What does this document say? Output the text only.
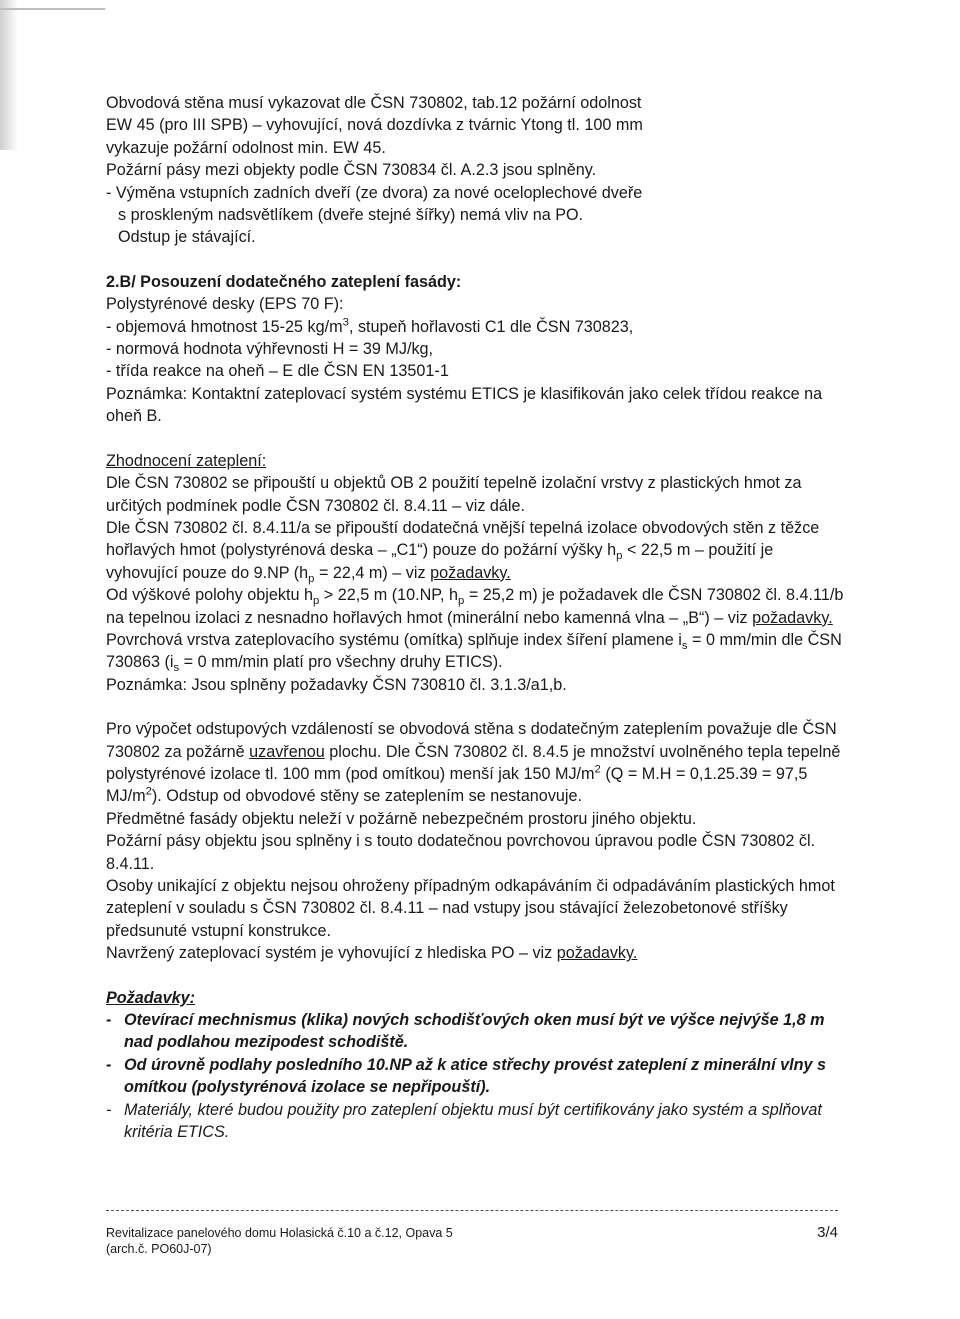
Obvodová stěna musí vykazovat dle ČSN 730802, tab.12 požární odolnost

EW 45 (pro III SPB) – vyhovující, nová dozdívka z tvárnic Ytong tl. 100 mm

vykazuje požární odolnost min. EW 45.

Požární pásy mezi objekty podle ČSN 730834 čl. A.2.3 jsou splněny.

- Výměna vstupních zadních dveří (ze dvora) za nové oceloplechové dveře

s proskleným nadsvětlíkem (dveře stejné šířky) nemá vliv na PO.

Odstup je stávající.

2.B/ Posouzení dodatečného zateplení fasády:

Polystyrénové desky (EPS 70 F):

- objemová hmotnost 15-25 $kg/m^3$, stupeň hořlavosti C1 dle ČSN 730823,

- normová hodnota výhřevnosti H = 39 MJ/kg,

- třída reakce na oheň – E dle ČSN EN 13501-1

Poznámka: Kontaktní zateplovací systém systému ETICS je klasifikován jako celek třídou reakce na oheň B.

Zhodnocení zateplení:

Dle ČSN 730802 se připouští u objektů OB 2 použití tepelně izolační vrstvy z plastických hmot za určitých podmínek podle ČSN 730802 čl. 8.4.11 – viz dále.

Dle ČSN 730802 čl. 8.4.11/a se připouští dodatečná vnější tepelná izolace obvodových stěn z těžce hořlavých hmot (polystyrénová deska – „C1“) pouze do požární výšky $h_p < 22,5$ m – použití je vyhovující pouze do 9.NP ($h_p = 22,4$ m) – viz požadavky.

Od výškové polohy objektu $h_p > 22,5$ m (10.NP, $h_p = 25,2$ m) je požadavek dle ČSN 730802 čl. 8.4.11/b na tepelnou izolaci z nesnadno hořlavých hmot (minerální nebo kamenná vlna – „B“) – viz požadavky.

Povrchová vrstva zateplovacího systému (omítka) splňuje index šíření plamene $i_s = 0$ mm/min dle ČSN 730863 ($i_s = 0$ mm/min platí pro všechny druhy ETICS).

Poznámka: Jsou splněny požadavky ČSN 730810 čl. 3.1.3/a1,b.

Pro výpočet odstupových vzdáleností se obvodová stěna s dodatečným zateplením považuje dle ČSN 730802 za požárně uzavřenou plochu. Dle ČSN 730802 čl. 8.4.5 je množství uvolněného tepla tepelně polystyrénové izolace tl. 100 mm (pod omítkou) menší jak 150 $MJ/m^2$ (Q = M.H = 0,1.25.39 = 97,5 $MJ/m^2$). Odstup od obvodové stěny se zateplením se nestanovuje.

Předmětné fasády objektu neleží v požárně nebezpečném prostoru jiného objektu.

Požární pásy objektu jsou splněny i s touto dodatečnou povrchovou úpravou podle ČSN 730802 čl. 8.4.11.

Osoby unikající z objektu nejsou ohroženy případným odkapáváním či odpadáváním plastických hmot zateplení v souladu s ČSN 730802 čl. 8.4.11 – nad vstupy jsou stávající železobetonové stříšky předsunuté vstupní konstrukce.

Navržený zateplovací systém je vyhovující z hlediska PO – viz požadavky.

Požadavky:

- Otevírací mechnismus (klika) nových schodišťových oken musí být ve výšce nejvýše 1,8 m nad podlahou mezipodest schodiště.
- Od úrovně podlahy posledního 10.NP až k atice střechy provést zateplení z minerální vlny s omítkou (polystyrénová izolace se nepřipouští).
- Materiály, které budou použity pro zateplení objektu musí být certifikovány jako systém a splňovat kritéria ETICS.
Revitalizace panelového domu Holasická č.10 a č.12, Opava 5
(arch.č. PO60J-07)
3/4
